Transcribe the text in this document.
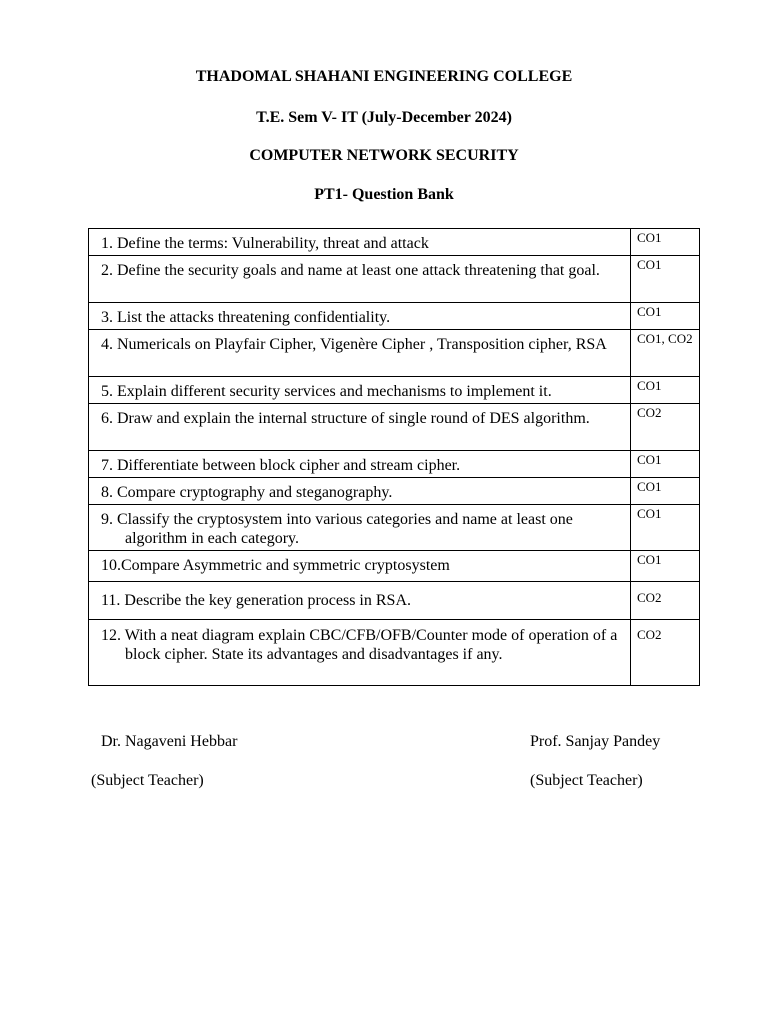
THADOMAL SHAHANI ENGINEERING COLLEGE
T.E. Sem V- IT (July-December 2024)
COMPUTER NETWORK SECURITY
PT1- Question Bank
1. Define the terms: Vulnerability, threat and attack	CO1

2. Define the security goals and name at least one attack threatening that goal.	CO1

3. List the attacks threatening confidentiality.	CO1

4. Numericals on Playfair Cipher, Vigenère Cipher , Transposition cipher, RSA	CO1, CO2

5. Explain different security services and mechanisms to implement it.	CO1

6. Draw and explain the internal structure of single round of DES algorithm.	CO2

7. Differentiate between block cipher and stream cipher.	CO1

8. Compare cryptography and steganography.	CO1

9. Classify the cryptosystem into various categories and name at least one algorithm in each category.	CO1

10.Compare Asymmetric and symmetric cryptosystem	CO1

11. Describe the key generation process in RSA.	CO2

12. With a neat diagram explain CBC/CFB/OFB/Counter mode of operation of a block cipher. State its advantages and disadvantages if any.	CO2

Dr. Nagaveni Hebbar

(Subject Teacher)

Prof. Sanjay Pandey

(Subject Teacher)
